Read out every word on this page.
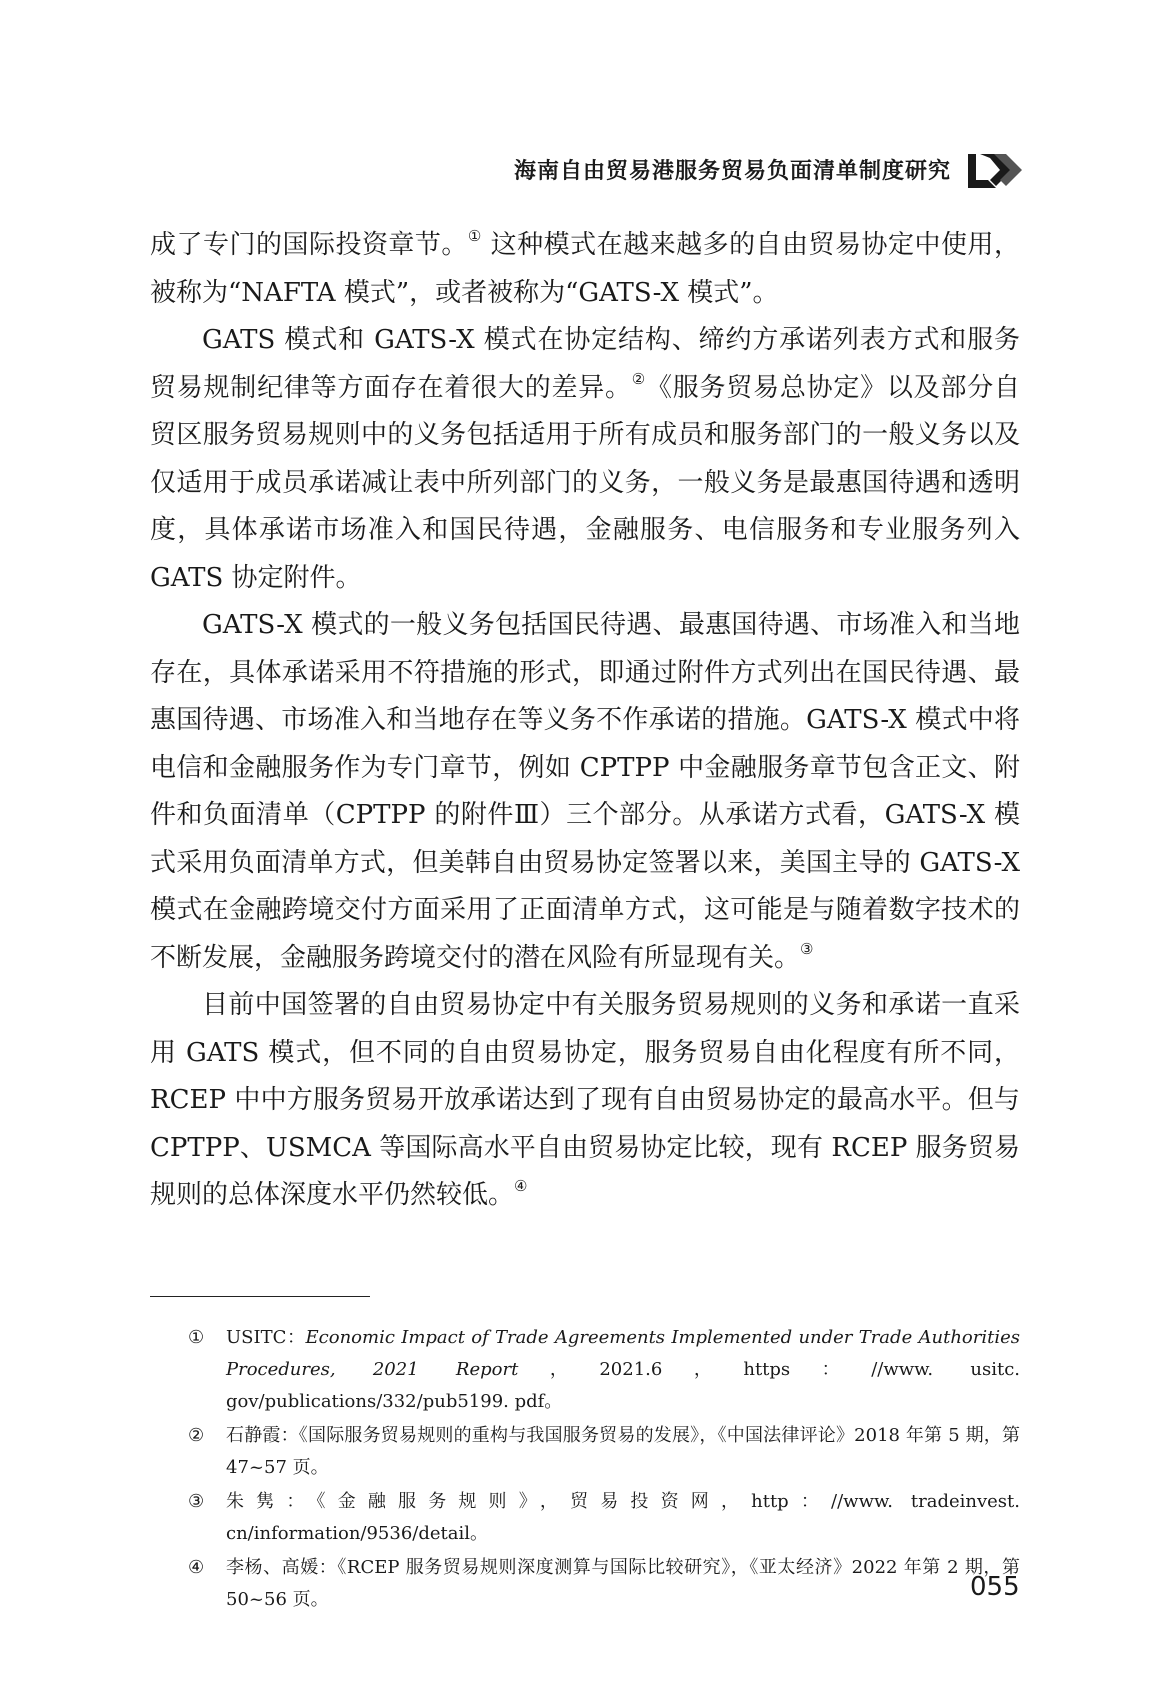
海南自由贸易港服务贸易负面清单制度研究

成了专门的国际投资章节。① 这种模式在越来越多的自由贸易协定中使用，被称为“NAFTA 模式”，或者被称为“GATS-X 模式”。

GATS 模式和 GATS-X 模式在协定结构、缔约方承诺列表方式和服务贸易规制纪律等方面存在着很大的差异。②《服务贸易总协定》以及部分自贸区服务贸易规则中的义务包括适用于所有成员和服务部门的一般义务以及仅适用于成员承诺减让表中所列部门的义务，一般义务是最惠国待遇和透明度，具体承诺市场准入和国民待遇，金融服务、电信服务和专业服务列入 GATS 协定附件。

GATS-X 模式的一般义务包括国民待遇、最惠国待遇、市场准入和当地存在，具体承诺采用不符措施的形式，即通过附件方式列出在国民待遇、最惠国待遇、市场准入和当地存在等义务不作承诺的措施。GATS-X 模式中将电信和金融服务作为专门章节，例如 CPTPP 中金融服务章节包含正文、附件和负面清单（CPTPP 的附件Ⅲ）三个部分。从承诺方式看，GATS-X 模式采用负面清单方式，但美韩自由贸易协定签署以来，美国主导的 GATS-X 模式在金融跨境交付方面采用了正面清单方式，这可能是与随着数字技术的不断发展，金融服务跨境交付的潜在风险有所显现有关。③

目前中国签署的自由贸易协定中有关服务贸易规则的义务和承诺一直采用 GATS 模式，但不同的自由贸易协定，服务贸易自由化程度有所不同，RCEP 中中方服务贸易开放承诺达到了现有自由贸易协定的最高水平。但与 CPTPP、USMCA 等国际高水平自由贸易协定比较，现有 RCEP 服务贸易规则的总体深度水平仍然较低。④

① USITC：Economic Impact of Trade Agreements Implemented under Trade Authorities Procedures, 2021 Report，2021.6，https：//www. usitc. gov/publications/332/pub5199. pdf。
② 石静霞：《国际服务贸易规则的重构与我国服务贸易的发展》，《中国法律评论》2018 年第 5 期，第 47~57 页。
③ 朱隽：《金融服务规则》，贸易投资网，http：//www. tradeinvest. cn/information/9536/detail。
④ 李杨、高媛：《RCEP 服务贸易规则深度测算与国际比较研究》，《亚太经济》2022 年第 2 期，第 50~56 页。	055
